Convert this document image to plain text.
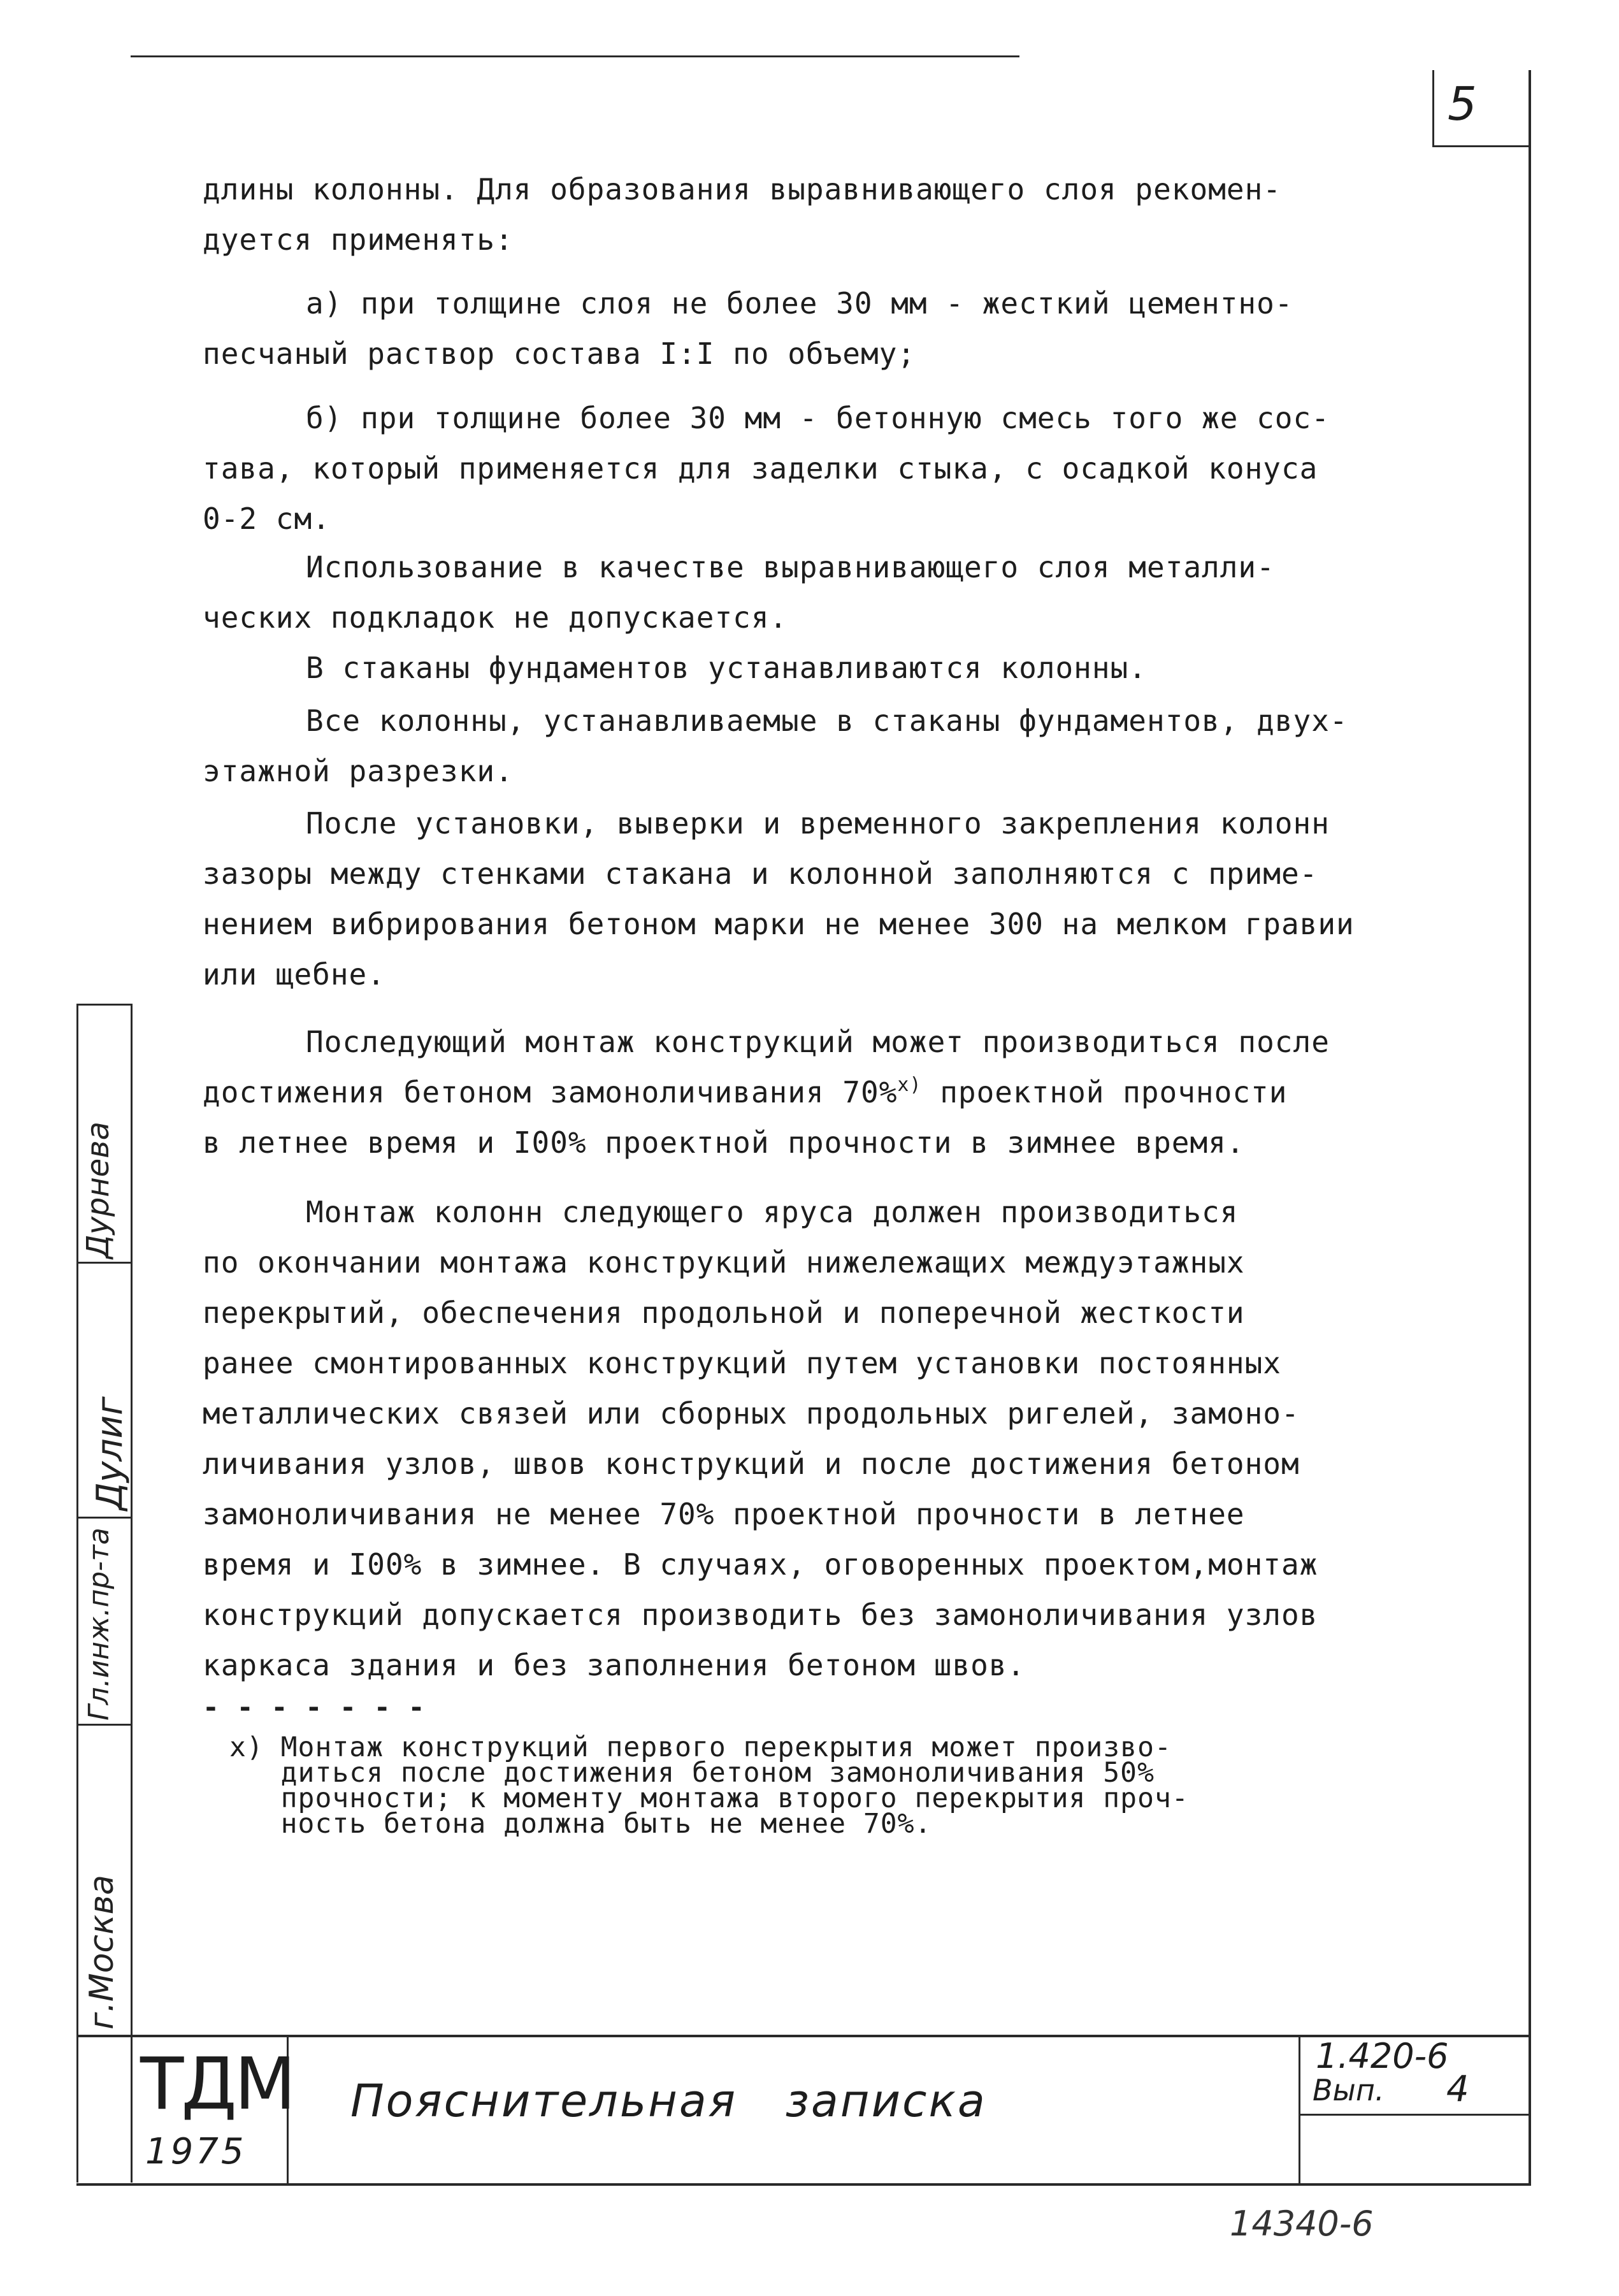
5
длины колонны. Для образования выравнивающего слоя рекомен-
дуется применять:
а) при толщине слоя не более 30 мм - жесткий цементно-
песчаный раствор состава I:I по объему;
б) при толщине более 30 мм - бетонную смесь того же сос-
тава, который применяется для заделки стыка, с осадкой конуса
0-2 см.
Использование в качестве выравнивающего слоя металли-
ческих подкладок не допускается.
В стаканы фундаментов устанавливаются колонны.
Все колонны, устанавливаемые в стаканы фундаментов, двух-
этажной разрезки.
После установки, выверки и временного закрепления колонн
зазоры между стенками стакана и колонной заполняются с приме-
нением вибрирования бетоном марки не менее 300 на мелком гравии
или щебне.
Последующий монтаж конструкций может производиться после
достижения бетоном замоноличивания 70%$^{x)}$ проектной прочности
в летнее время и I00% проектной прочности в зимнее время.
Монтаж колонн следующего яруса должен производиться
по окончании монтажа конструкций нижележащих междуэтажных
перекрытий, обеспечения продольной и поперечной жесткости
ранее смонтированных конструкций путем установки постоянных
металлических связей или сборных продольных ригелей, замоно-
личивания узлов, швов конструкций и после достижения бетоном
замоноличивания не менее 70% проектной прочности в летнее
время и I00% в зимнее. В случаях, оговоренных проектом,монтаж
конструкций допускается производить без замоноличивания узлов
каркаса здания и без заполнения бетоном швов.
- - - - - - -
x) Монтаж конструкций первого перекрытия может произво-
диться после достижения бетоном замоноличивания 50%
прочности; к моменту монтажа второго перекрытия проч-
ность бетона должна быть не менее 70%.
ТДМ
1975
Пояснительная   записка
1.420-6
Вып. 4
Дурнева
Дулиг
Гл.инж.пр-та
г.Москва
14340-6
